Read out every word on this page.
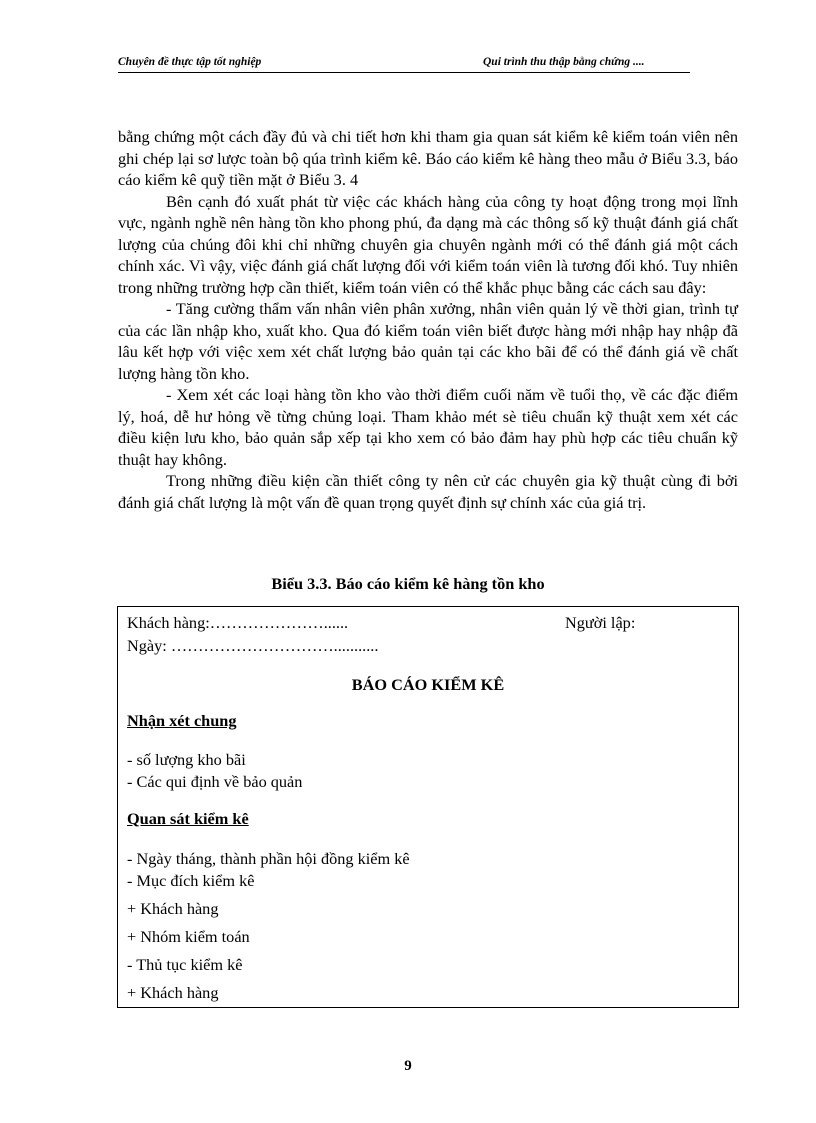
Chuyên đề thực tập tốt nghiệp	Qui trình thu thập bằng chứng ....

bằng chứng một cách đầy đủ và chi tiết hơn khi tham gia quan sát kiểm kê kiểm toán viên nên ghi chép lại sơ lược toàn bộ qúa trình kiểm kê. Báo cáo kiểm kê hàng theo mẫu ở Biểu 3.3, báo cáo kiểm kê quỹ tiền mặt ở Biểu 3. 4

Bên cạnh đó xuất phát từ việc các khách hàng của công ty hoạt động trong mọi lĩnh vực, ngành nghề nên hàng tồn kho phong phú, đa dạng mà các thông số kỹ thuật đánh giá chất lượng của chúng đôi khi chỉ những chuyên gia chuyên ngành mới có thể đánh giá một cách chính xác. Vì vậy, việc đánh giá chất lượng đối với kiểm toán viên là tương đối khó. Tuy nhiên trong những trường hợp cần thiết, kiểm toán viên có thể khắc phục bằng các cách sau đây:

- Tăng cường thẩm vấn nhân viên phân xưởng, nhân viên quản lý về thời gian, trình tự của các lần nhập kho, xuất kho. Qua đó kiểm toán viên biết được hàng mới nhập hay nhập đã lâu kết hợp với việc xem xét chất lượng bảo quản tại các kho bãi để có thể đánh giá về chất lượng hàng tồn kho.

- Xem xét các loại hàng tồn kho vào thời điểm cuối năm về tuổi thọ, về các đặc điểm lý, hoá, dễ hư hỏng về từng chủng loại. Tham khảo mét sè tiêu chuẩn kỹ thuật xem xét các điều kiện lưu kho, bảo quản sắp xếp tại kho xem có bảo đảm hay phù hợp các tiêu chuẩn kỹ thuật hay không.

Trong những điều kiện cần thiết công ty nên cử các chuyên gia kỹ thuật cùng đi bởi đánh giá chất lượng là một vấn đề quan trọng quyết định sự chính xác của giá trị.

Biểu 3.3. Báo cáo kiểm kê hàng tồn kho
Khách hàng:…………………......	Người lập:
Ngày: …………………………...........
BÁO CÁO KIỂM KÊ
Nhận xét chung
- số lượng kho bãi
- Các qui định về bảo quản
Quan sát kiểm kê
- Ngày tháng, thành phần hội đồng kiểm kê
- Mục đích kiểm kê
+ Khách hàng
+ Nhóm kiểm toán
- Thủ tục kiểm kê
+ Khách hàng
9
